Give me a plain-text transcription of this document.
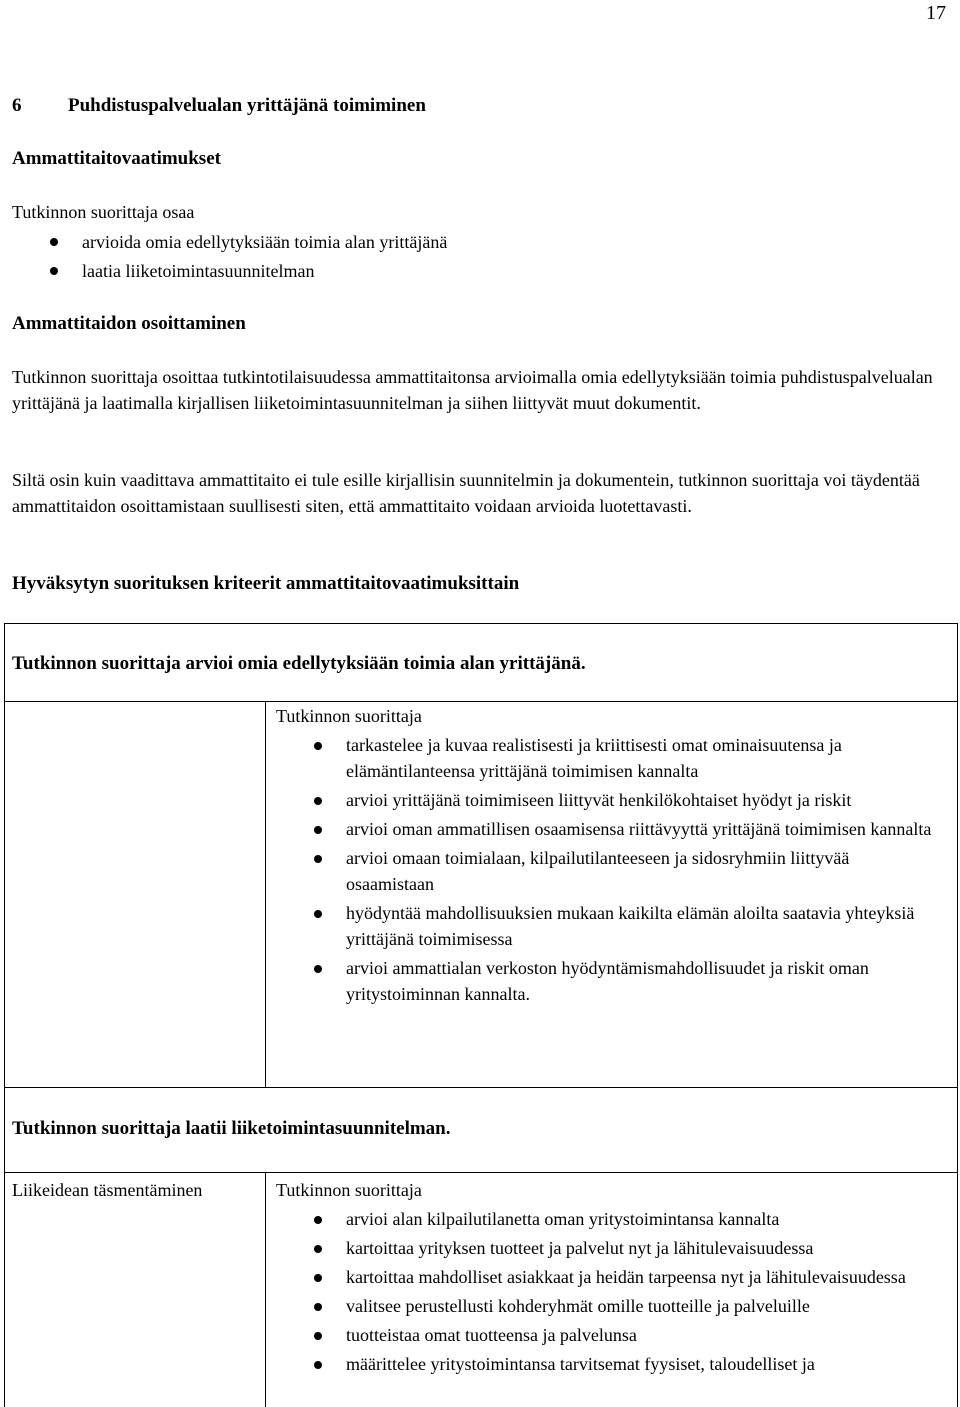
17
6 Puhdistuspalvelualan yrittäjänä toimiminen
Ammattitaitovaatimukset
Tutkinnon suorittaja osaa
arvioida omia edellytyksiään toimia alan yrittäjänä
laatia liiketoimintasuunnitelman
Ammattitaidon osoittaminen
Tutkinnon suorittaja osoittaa tutkintotilaisuudessa ammattitaitonsa arvioimalla omia edellytyksiään toimia puhdistuspalvelualan yrittäjänä ja laatimalla kirjallisen liiketoimintasuunnitelman ja siihen liittyvät muut dokumentit.
Siltä osin kuin vaadittava ammattitaito ei tule esille kirjallisin suunnitelmin ja dokumentein, tutkinnon suorittaja voi täydentää ammattitaidon osoittamistaan suullisesti siten, että ammattitaito voidaan arvioida luotettavasti.
Hyväksytyn suorituksen kriteerit ammattitaitovaatimuksittain
Tutkinnon suorittaja arvioi omia edellytyksiään toimia alan yrittäjänä.
Tutkinnon suorittaja
tarkastelee ja kuvaa realistisesti ja kriittisesti omat ominaisuutensa ja elämäntilanteensa yrittäjänä toimimisen kannalta
arvioi yrittäjänä toimimiseen liittyvät henkilökohtaiset hyödyt ja riskit
arvioi oman ammatillisen osaamisensa riittävyyttä yrittäjänä toimimisen kannalta
arvioi omaan toimialaan, kilpailutilanteeseen ja sidosryhmiin liittyvää osaamistaan
hyödyntää mahdollisuuksien mukaan kaikilta elämän aloilta saatavia yhteyksiä yrittäjänä toimimisessa
arvioi ammattialan verkoston hyödyntämismahdollisuudet ja riskit oman yritystoiminnan kannalta.
Tutkinnon suorittaja laatii liiketoimintasuunnitelman.
Liikeidean täsmentäminen	Tutkinnon suorittaja
arvioi alan kilpailutilanetta oman yritystoimintansa kannalta
kartoittaa yrityksen tuotteet ja palvelut nyt ja lähitulevaisuudessa
kartoittaa mahdolliset asiakkaat ja heidän tarpeensa nyt ja lähitulevaisuudessa
valitsee perustellusti kohderyhmät omille tuotteille ja palveluille
tuotteistaa omat tuotteensa ja palvelunsa
määrittelee yritystoimintansa tarvitsemat fyysiset, taloudelliset ja
